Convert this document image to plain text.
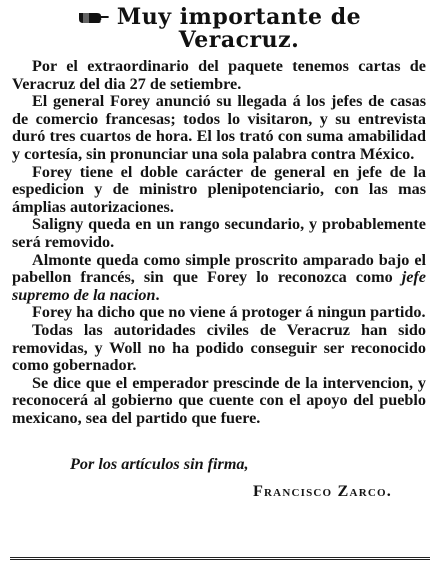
Muy importante de
Veracruz.

Por el extraordinario del paquete tenemos cartas de Veracruz del dia 27 de setiembre.

El general Forey anunció su llegada á los jefes de casas de comercio francesas; todos lo visitaron, y su entrevista duró tres cuartos de hora. El los trató con suma amabilidad y cortesía, sin pronunciar una sola palabra contra México.

Forey tiene el doble carácter de general en jefe de la espedicion y de ministro plenipotenciario, con las mas ámplias autorizaciones.

Saligny queda en un rango secundario, y probablemente será removido.

Almonte queda como simple proscrito amparado bajo el pabellon francés, sin que Forey lo reconozca como jefe supremo de la nacion.

Forey ha dicho que no viene á protoger á ningun partido.

Todas las autoridades civiles de Veracruz han sido removidas, y Woll no ha podido conseguir ser reconocido como gobernador.

Se dice que el emperador prescinde de la intervencion, y reconocerá al gobierno que cuente con el apoyo del pueblo mexicano, sea del partido que fuere.

Por los artículos sin firma,
Francisco Zarco.
